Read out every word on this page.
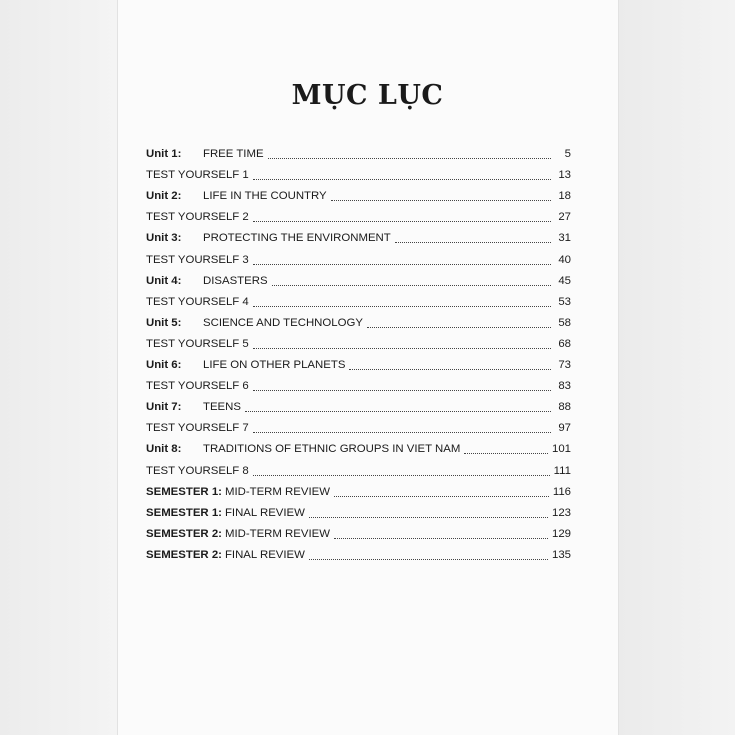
MỤC LỤC
Unit 1:	FREE TIME	5
TEST YOURSELF 1	13
Unit 2:	LIFE IN THE COUNTRY	18
TEST YOURSELF 2	27
Unit 3:	PROTECTING THE ENVIRONMENT	31
TEST YOURSELF 3	40
Unit 4:	DISASTERS	45
TEST YOURSELF 4	53
Unit 5:	SCIENCE AND TECHNOLOGY	58
TEST YOURSELF 5	68
Unit 6:	LIFE ON OTHER PLANETS	73
TEST YOURSELF 6	83
Unit 7:	TEENS	88
TEST YOURSELF 7	97
Unit 8:	TRADITIONS OF ETHNIC GROUPS IN VIET NAM	101
TEST YOURSELF 8	111
SEMESTER 1: MID-TERM REVIEW	116
SEMESTER 1: FINAL REVIEW	123
SEMESTER 2: MID-TERM REVIEW	129
SEMESTER 2: FINAL REVIEW	135
